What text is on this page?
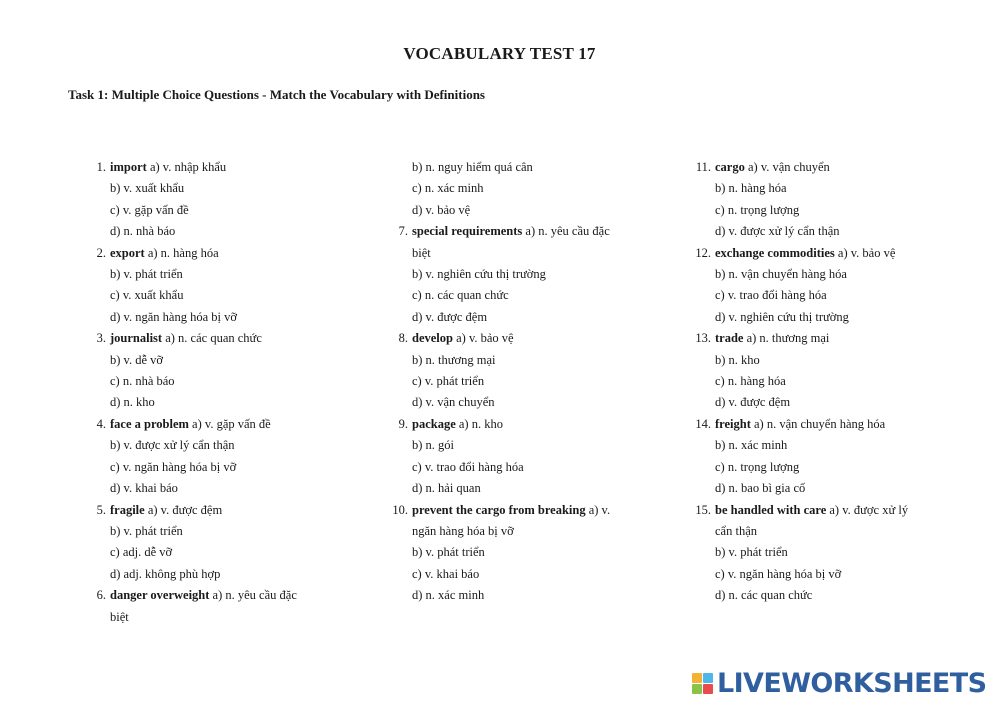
VOCABULARY TEST 17
Task 1: Multiple Choice Questions - Match the Vocabulary with Definitions
1. import a) v. nhập khẩu
b) v. xuất khẩu
c) v. gặp vấn đề
d) n. nhà báo
2. export a) n. hàng hóa
b) v. phát triển
c) v. xuất khẩu
d) v. ngăn hàng hóa bị vỡ
3. journalist a) n. các quan chức
b) v. dễ vỡ
c) n. nhà báo
d) n. kho
4. face a problem a) v. gặp vấn đề
b) v. được xử lý cẩn thận
c) v. ngăn hàng hóa bị vỡ
d) v. khai báo
5. fragile a) v. được đệm
b) v. phát triển
c) adj. dễ vỡ
d) adj. không phù hợp
6. danger overweight a) n. yêu cầu đặc
biệt
b) n. nguy hiểm quá cân
c) n. xác minh
d) v. bảo vệ
7. special requirements a) n. yêu cầu đặc
biệt
b) v. nghiên cứu thị trường
c) n. các quan chức
d) v. được đệm
8. develop a) v. bảo vệ
b) n. thương mại
c) v. phát triển
d) v. vận chuyển
9. package a) n. kho
b) n. gói
c) v. trao đổi hàng hóa
d) n. hải quan
10. prevent the cargo from breaking a) v.
ngăn hàng hóa bị vỡ
b) v. phát triển
c) v. khai báo
d) n. xác minh
11. cargo a) v. vận chuyển
b) n. hàng hóa
c) n. trọng lượng
d) v. được xử lý cẩn thận
12. exchange commodities a) v. bảo vệ
b) n. vận chuyển hàng hóa
c) v. trao đổi hàng hóa
d) v. nghiên cứu thị trường
13. trade a) n. thương mại
b) n. kho
c) n. hàng hóa
d) v. được đệm
14. freight a) n. vận chuyển hàng hóa
b) n. xác minh
c) n. trọng lượng
d) n. bao bì gia cố
15. be handled with care a) v. được xử lý
cẩn thận
b) v. phát triển
c) v. ngăn hàng hóa bị vỡ
d) n. các quan chức
LIVEWORKSHEETS
